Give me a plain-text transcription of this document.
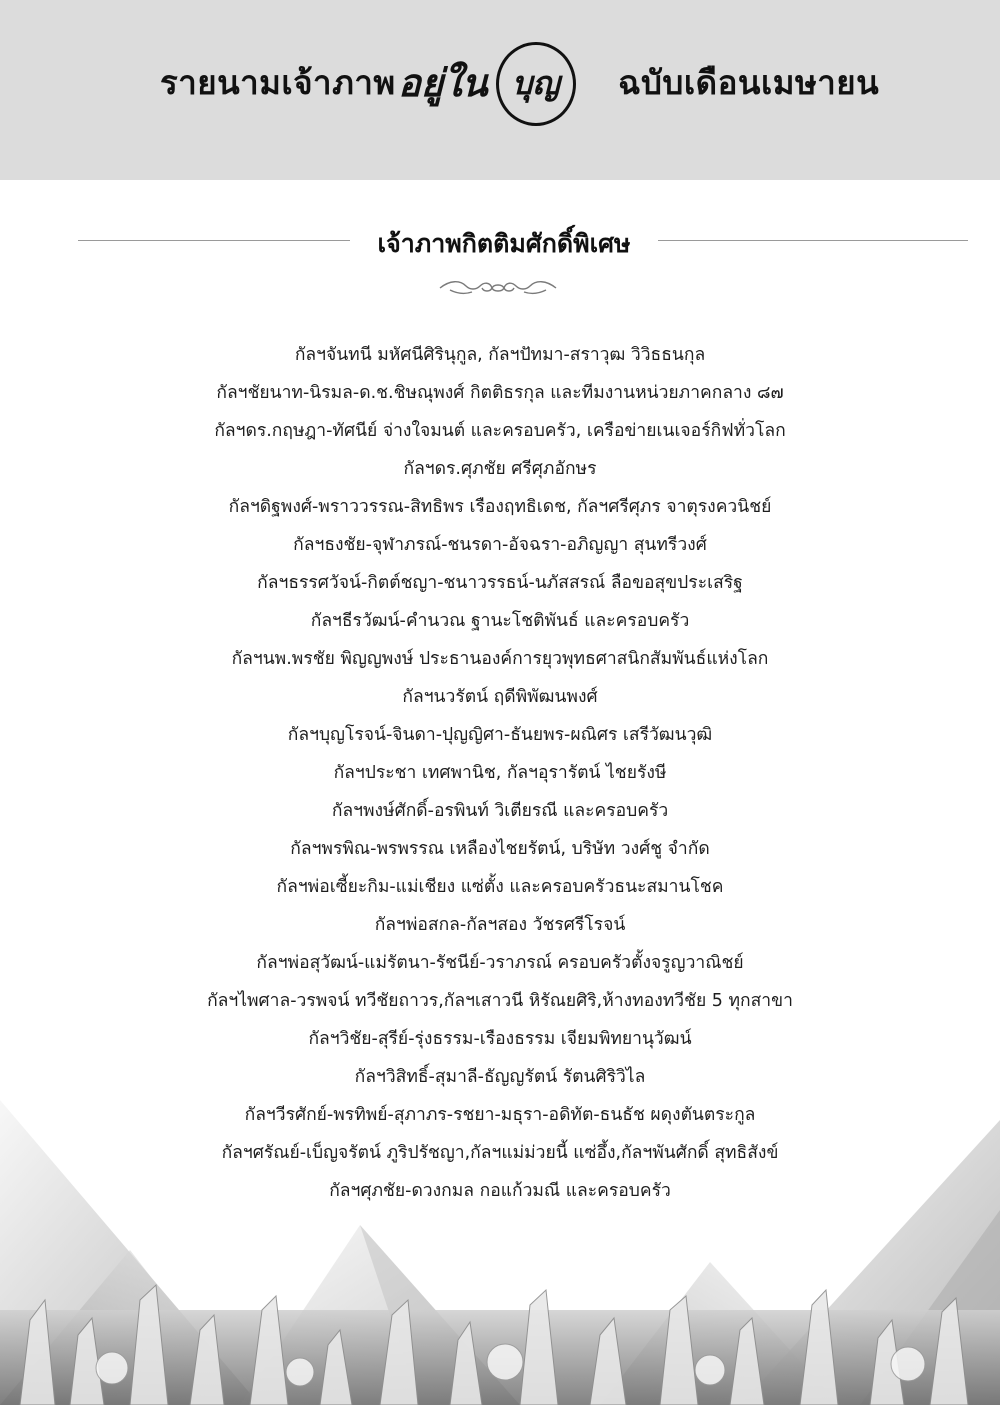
รายนามเจ้าภาพ อยู่ใน บุญ ฉบับเดือนเมษายน
เจ้าภาพกิตติมศักดิ์พิเศษ
กัลฯจันทนี มหัศนีศิรินุกูล, กัลฯปัทมา-สราวุฒ วิวิธธนกุล
กัลฯชัยนาท-นิรมล-ด.ช.ชิษณุพงศ์ กิตติธรกุล และทีมงานหน่วยภาคกลาง ๘๗
กัลฯดร.กฤษฎา-ทัศนีย์ จ่างใจมนต์ และครอบครัว, เครือข่ายเนเจอร์กิฟทั่วโลก
กัลฯดร.ศุภชัย ศรีศุภอักษร
กัลฯดิฐพงศ์-พราววรรณ-สิทธิพร เรืองฤทธิเดช, กัลฯศรีศุภร จาตุรงควนิชย์
กัลฯธงชัย-จุฬาภรณ์-ชนรดา-อัจฉรา-อภิญญา สุนทรีวงศ์
กัลฯธรรศวัจน์-กิตต์ชญา-ชนาวรรธน์-นภัสสรณ์ ลือขอสุขประเสริฐ
กัลฯธีรวัฒน์-คำนวณ ฐานะโชติพันธ์ และครอบครัว
กัลฯนพ.พรชัย พิญญพงษ์ ประธานองค์การยุวพุทธศาสนิกสัมพันธ์แห่งโลก
กัลฯนวรัตน์ ฤดีพิพัฒนพงศ์
กัลฯบุญโรจน์-จินดา-ปุญญิศา-ธันยพร-ผณิศร เสรีวัฒนวุฒิ
กัลฯประชา เทศพานิช, กัลฯอุรารัตน์ ไชยรังษี
กัลฯพงษ์ศักดิ์-อรพินท์ วิเตียรณี และครอบครัว
กัลฯพรพิณ-พรพรรณ เหลืองไชยรัตน์, บริษัท วงศ์ชู จำกัด
กัลฯพ่อเซี้ยะกิม-แม่เชียง แซ่ตั้ง และครอบครัวธนะสมานโชค
กัลฯพ่อสกล-กัลฯสอง วัชรศรีโรจน์
กัลฯพ่อสุวัฒน์-แม่รัตนา-รัชนีย์-วราภรณ์ ครอบครัวตั้งจรูญวาณิชย์
กัลฯไพศาล-วรพจน์ ทวีชัยถาวร,กัลฯเสาวนี หิรัณยศิริ,ห้างทองทวีชัย 5 ทุกสาขา
กัลฯวิชัย-สุรีย์-รุ่งธรรม-เรืองธรรม เจียมพิทยานุวัฒน์
กัลฯวิสิทธิ์-สุมาลี-ธัญญรัตน์ รัตนศิริวิไล
กัลฯวีรศักย์-พรทิพย์-สุภาภร-รชยา-มธุรา-อดิทัต-ธนธัช ผดุงตันตระกูล
กัลฯศรัณย์-เบ็ญจรัตน์ ภูริปรัชญา,กัลฯแม่ม่วยนี้ แซ่อึ้ง,กัลฯพันศักดิ์ สุทธิสังข์
กัลฯศุภชัย-ดวงกมล กอแก้วมณี และครอบครัว
